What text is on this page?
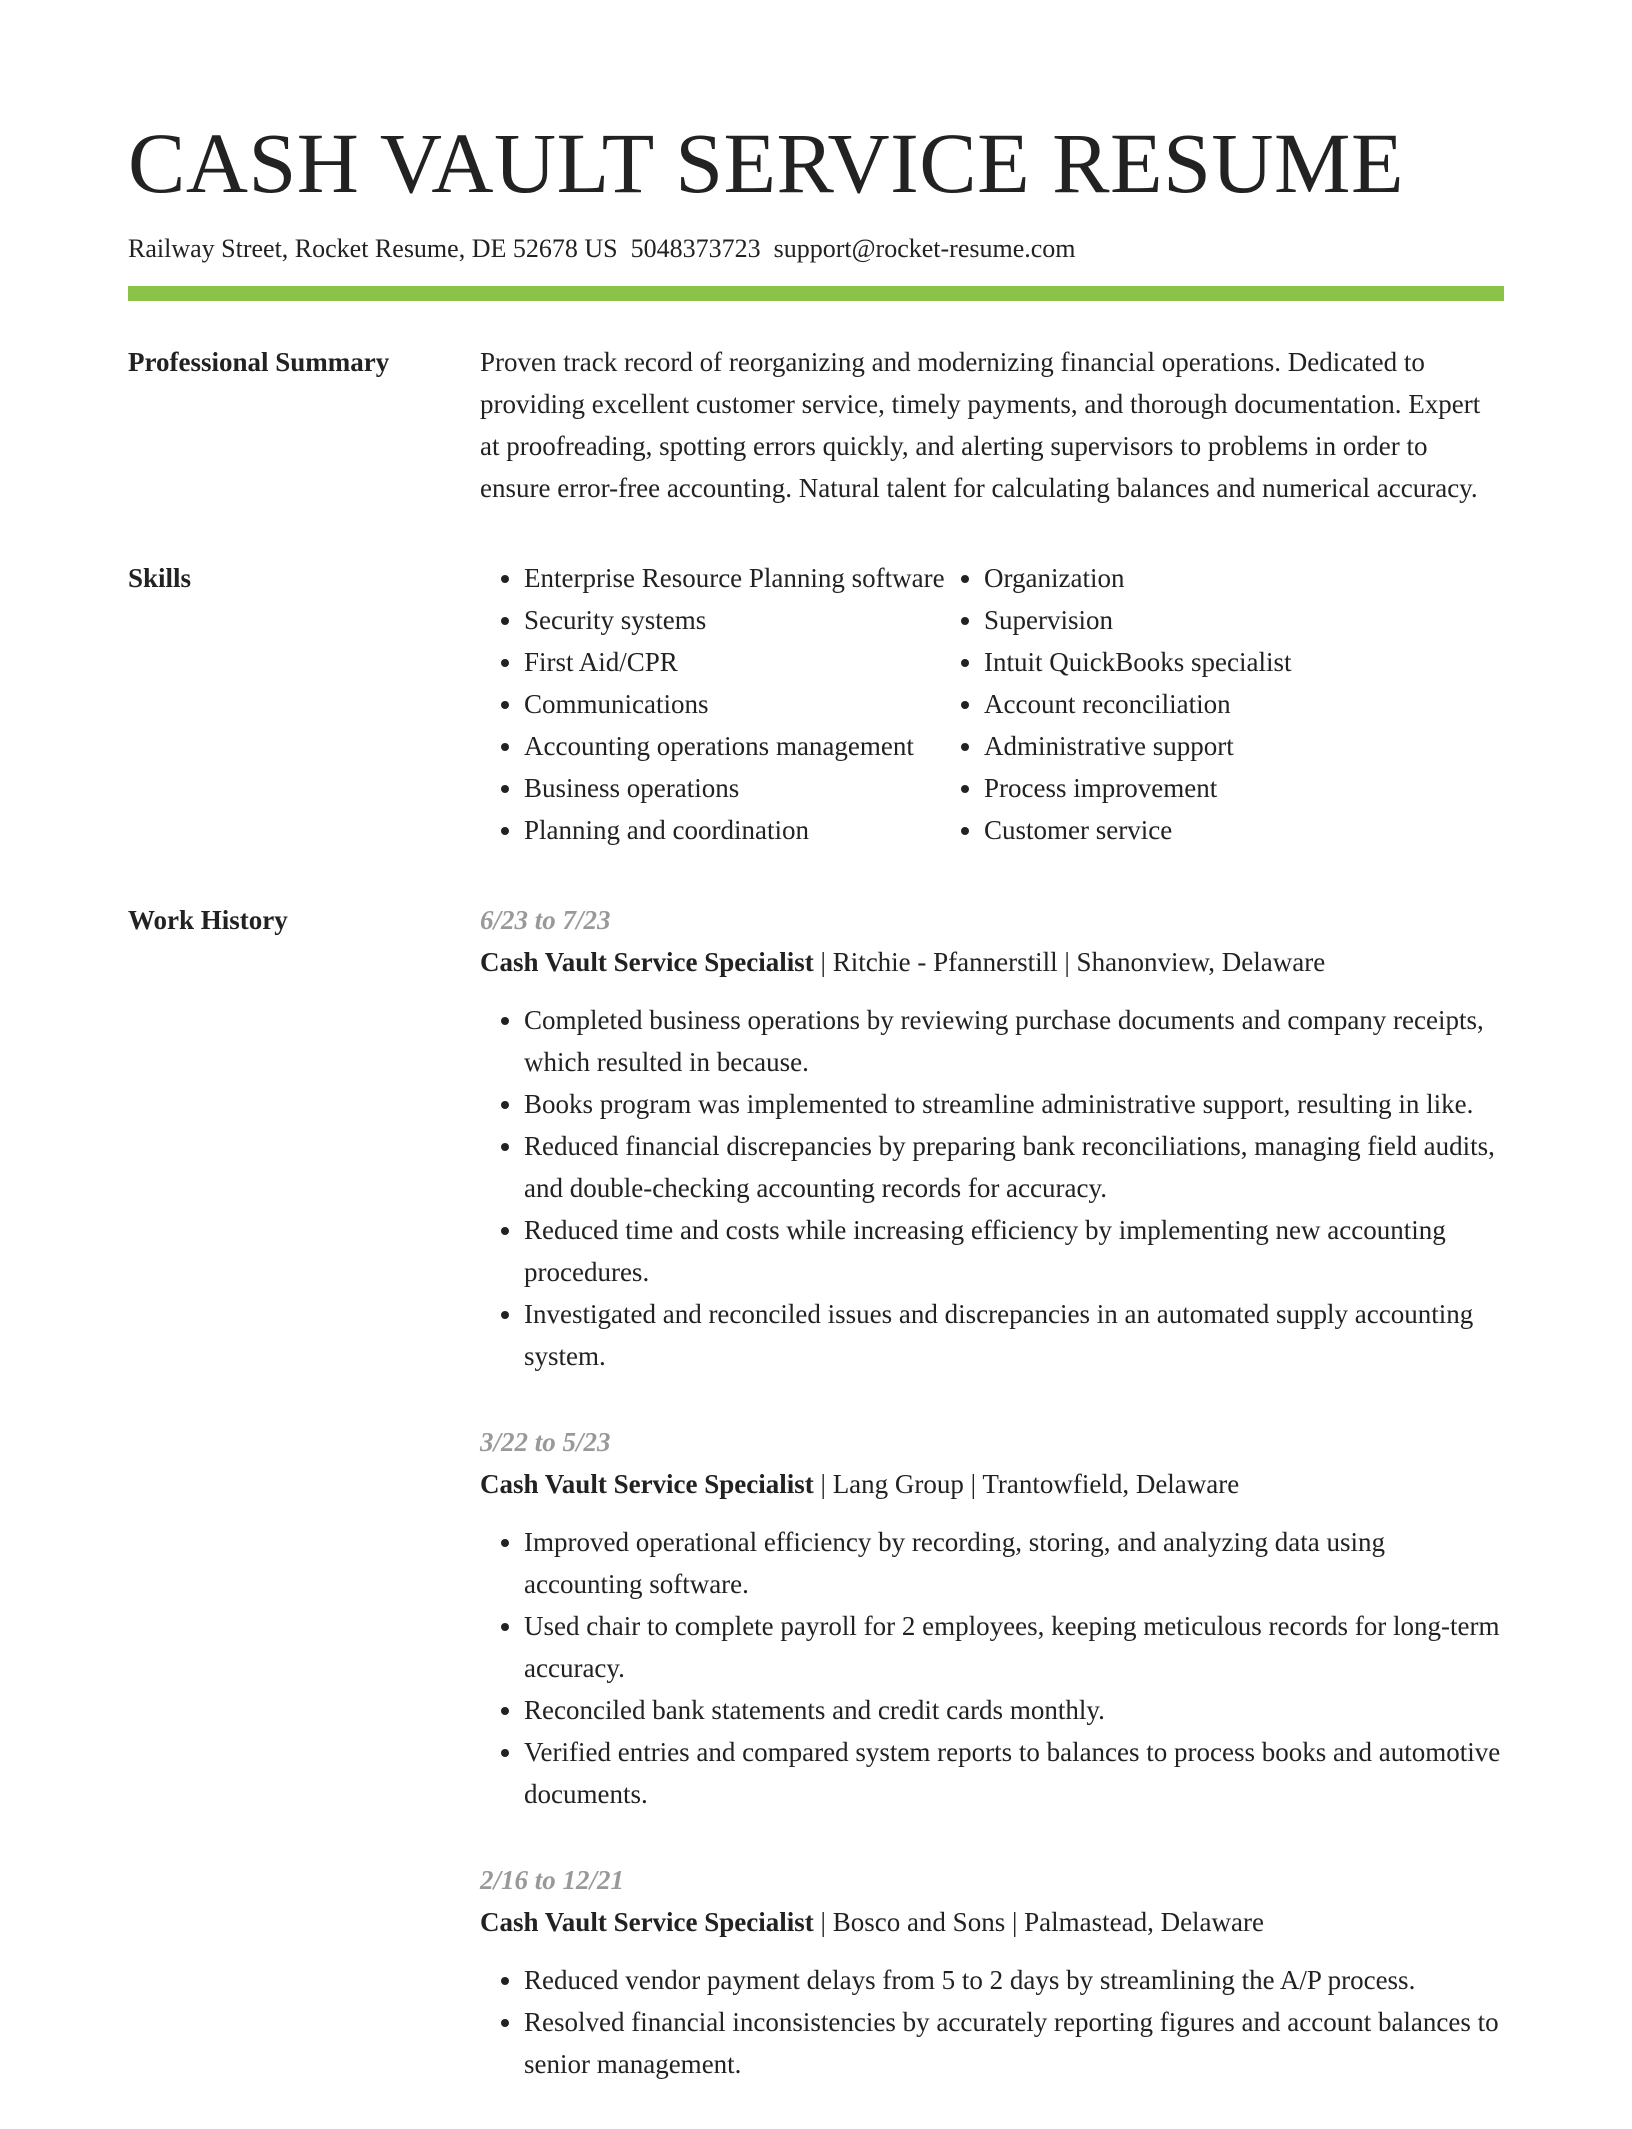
CASH VAULT SERVICE RESUME
Railway Street, Rocket Resume, DE 52678 US 5048373723 support@rocket-resume.com
Professional Summary	Proven track record of reorganizing and modernizing financial operations. Dedicated to providing excellent customer service, timely payments, and thorough documentation. Expert at proofreading, spotting errors quickly, and alerting supervisors to problems in order to ensure error-free accounting. Natural talent for calculating balances and numerical accuracy.

Skills
•	Enterprise Resource Planning software
• Security systems
• First Aid/CPR
• Communications
• Accounting operations management
• Business operations
• Planning and coordination
• Organization
• Supervision
• Intuit QuickBooks specialist
• Account reconciliation
• Administrative support
• Process improvement
• Customer service
Work History	6/23 to 7/23
Cash Vault Service Specialist | Ritchie - Pfannerstill | Shanonview, Delaware
• Completed business operations by reviewing purchase documents and company receipts, which resulted in because.
• Books program was implemented to streamline administrative support, resulting in like.
• Reduced financial discrepancies by preparing bank reconciliations, managing field audits, and double-checking accounting records for accuracy.
• Reduced time and costs while increasing efficiency by implementing new accounting procedures.
• Investigated and reconciled issues and discrepancies in an automated supply accounting system.
3/22 to 5/23
Cash Vault Service Specialist | Lang Group | Trantowfield, Delaware
• Improved operational efficiency by recording, storing, and analyzing data using accounting software.
• Used chair to complete payroll for 2 employees, keeping meticulous records for long-term accuracy.
• Reconciled bank statements and credit cards monthly.
• Verified entries and compared system reports to balances to process books and automotive documents.
2/16 to 12/21
Cash Vault Service Specialist | Bosco and Sons | Palmastead, Delaware
• Reduced vendor payment delays from 5 to 2 days by streamlining the A/P process.
• Resolved financial inconsistencies by accurately reporting figures and account balances to senior management.
